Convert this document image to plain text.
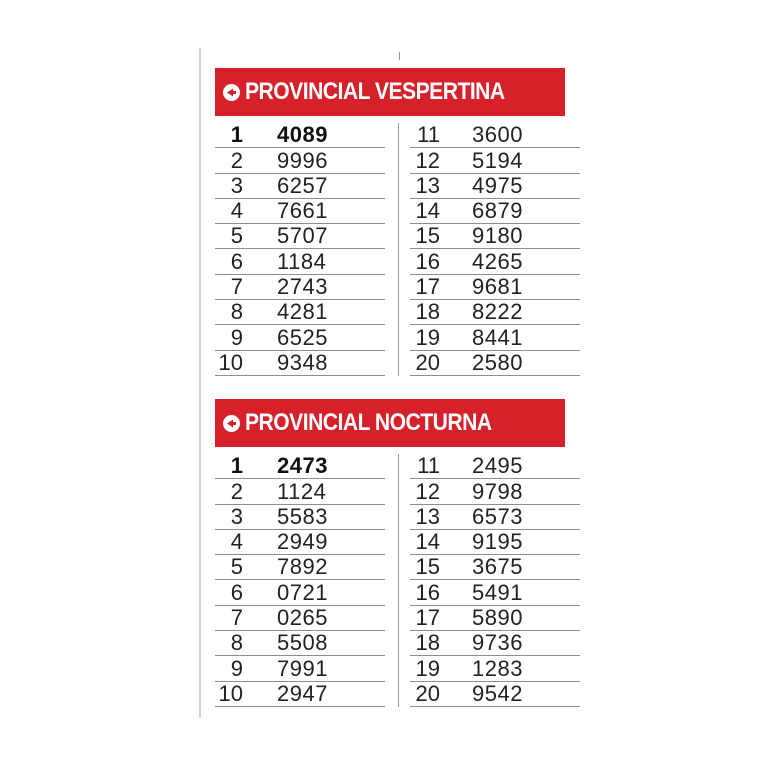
PROVINCIAL VESPERTINA
1 4089
2 9996
3 6257
4 7661
5 5707
6 1184
7 2743
8 4281
9 6525
10 9348
11 3600
12 5194
13 4975
14 6879
15 9180
16 4265
17 9681
18 8222
19 8441
20 2580
PROVINCIAL NOCTURNA
1 2473
2 1124
3 5583
4 2949
5 7892
6 0721
7 0265
8 5508
9 7991
10 2947
11 2495
12 9798
13 6573
14 9195
15 3675
16 5491
17 5890
18 9736
19 1283
20 9542
